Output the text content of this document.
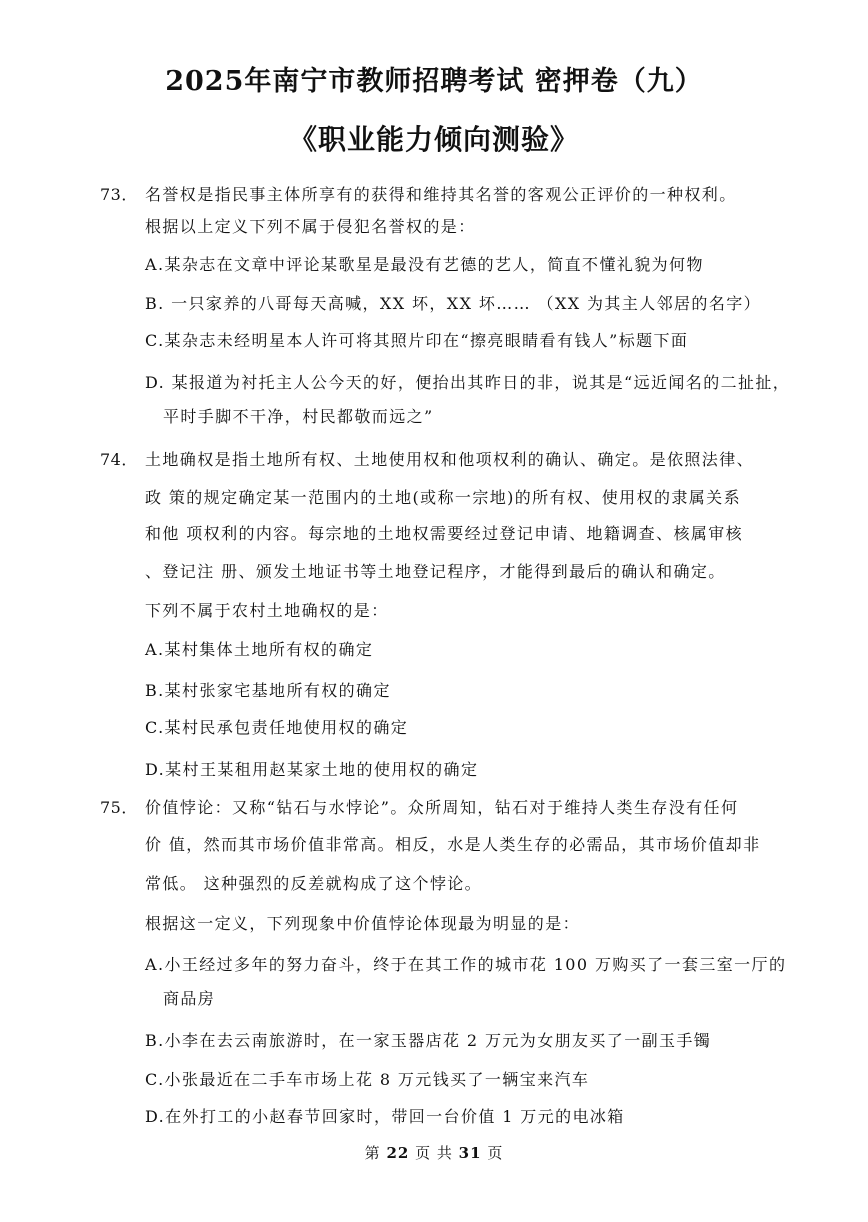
2025年南宁市教师招聘考试 密押卷（九）
《职业能力倾向测验》
73． 名誉权是指民事主体所享有的获得和维持其名誉的客观公正评价的一种权利。
根据以上定义下列不属于侵犯名誉权的是：
A.某杂志在文章中评论某歌星是最没有艺德的艺人，简直不懂礼貌为何物
B. 一只家养的八哥每天高喊，XX 坏，XX 坏…… （XX 为其主人邻居的名字）
C.某杂志未经明星本人许可将其照片印在“擦亮眼睛看有钱人”标题下面
D. 某报道为衬托主人公今天的好，便抬出其昨日的非，说其是“远近闻名的二扯扯，
平时手脚不干净，村民都敬而远之”
74． 土地确权是指土地所有权、土地使用权和他项权利的确认、确定。是依照法律、
政 策的规定确定某一范围内的土地(或称一宗地)的所有权、使用权的隶属关系
和他 项权利的内容。每宗地的土地权需要经过登记申请、地籍调查、核属审核
、登记注 册、颁发土地证书等土地登记程序，才能得到最后的确认和确定。
下列不属于农村土地确权的是：
A.某村集体土地所有权的确定
B.某村张家宅基地所有权的确定
C.某村民承包责任地使用权的确定
D.某村王某租用赵某家土地的使用权的确定
75． 价值悖论：又称“钻石与水悖论”。众所周知，钻石对于维持人类生存没有任何
价 值，然而其市场价值非常高。相反，水是人类生存的必需品，其市场价值却非
常低。 这种强烈的反差就构成了这个悖论。
根据这一定义，下列现象中价值悖论体现最为明显的是：
A.小王经过多年的努力奋斗，终于在其工作的城市花 100 万购买了一套三室一厅的
商品房
B.小李在去云南旅游时，在一家玉器店花 2 万元为女朋友买了一副玉手镯
C.小张最近在二手车市场上花 8 万元钱买了一辆宝来汽车
D.在外打工的小赵春节回家时，带回一台价值 1 万元的电冰箱
第 22 页 共 31 页
